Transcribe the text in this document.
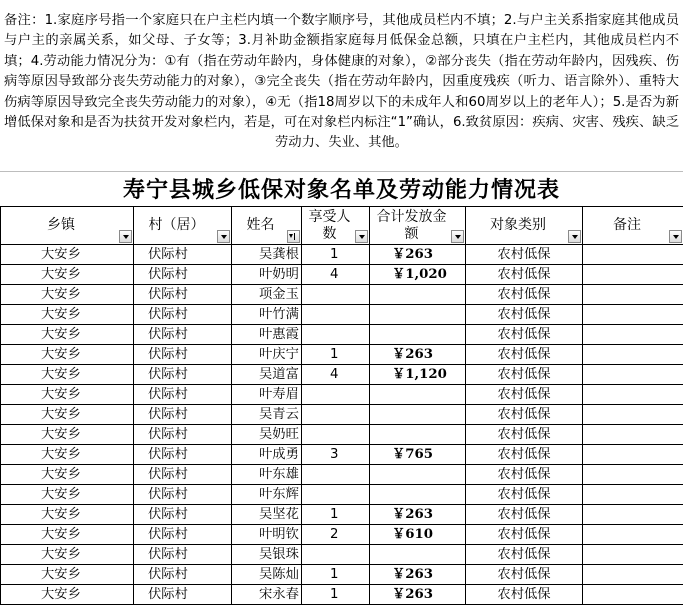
备注：1.家庭序号指一个家庭只在户主栏内填一个数字顺序号，其他成员栏内不填；2.与户主关系指家庭其他成员与户主的亲属关系，如父母、子女等；3.月补助金额指家庭每月低保金总额，只填在户主栏内，其他成员栏内不填；4.劳动能力情况分为：①有（指在劳动年龄内，身体健康的对象），②部分丧失（指在劳动年龄内，因残疾、伤病等原因导致部分丧失劳动能力的对象），③完全丧失（指在劳动年龄内，因重度残疾（听力、语言除外）、重特大伤病等原因导致完全丧失劳动能力的对象），④无（指18周岁以下的未成年人和60周岁以上的老年人）；5.是否为新增低保对象和是否为扶贫开发对象栏内，若是，可在对象栏内标注“1”确认，6.致贫原因：疾病、灾害、残疾、缺乏劳动力、失业、其他。
寿宁县城乡低保对象名单及劳动能力情况表
乡镇	村（居）	姓名	享受人数	合计发放金额	对象类别	备注

大安乡	伏际村	吴龚根	1	￥263	农村低保	
大安乡	伏际村	叶奶明	4	￥1,020	农村低保	
大安乡	伏际村	项金玉			农村低保	
大安乡	伏际村	叶竹满			农村低保	
大安乡	伏际村	叶惠霞			农村低保	
大安乡	伏际村	叶庆宁	1	￥263	农村低保	
大安乡	伏际村	吴道富	4	￥1,120	农村低保	
大安乡	伏际村	叶寿眉			农村低保	
大安乡	伏际村	吴青云			农村低保	
大安乡	伏际村	吴奶旺			农村低保	
大安乡	伏际村	叶成勇	3	￥765	农村低保	
大安乡	伏际村	叶东雄			农村低保	
大安乡	伏际村	叶东辉			农村低保	
大安乡	伏际村	吴坚花	1	￥263	农村低保	
大安乡	伏际村	叶明钦	2	￥610	农村低保	
大安乡	伏际村	吴银珠			农村低保	
大安乡	伏际村	吴陈灿	1	￥263	农村低保	
大安乡	伏际村	宋永春	1	￥263	农村低保	
